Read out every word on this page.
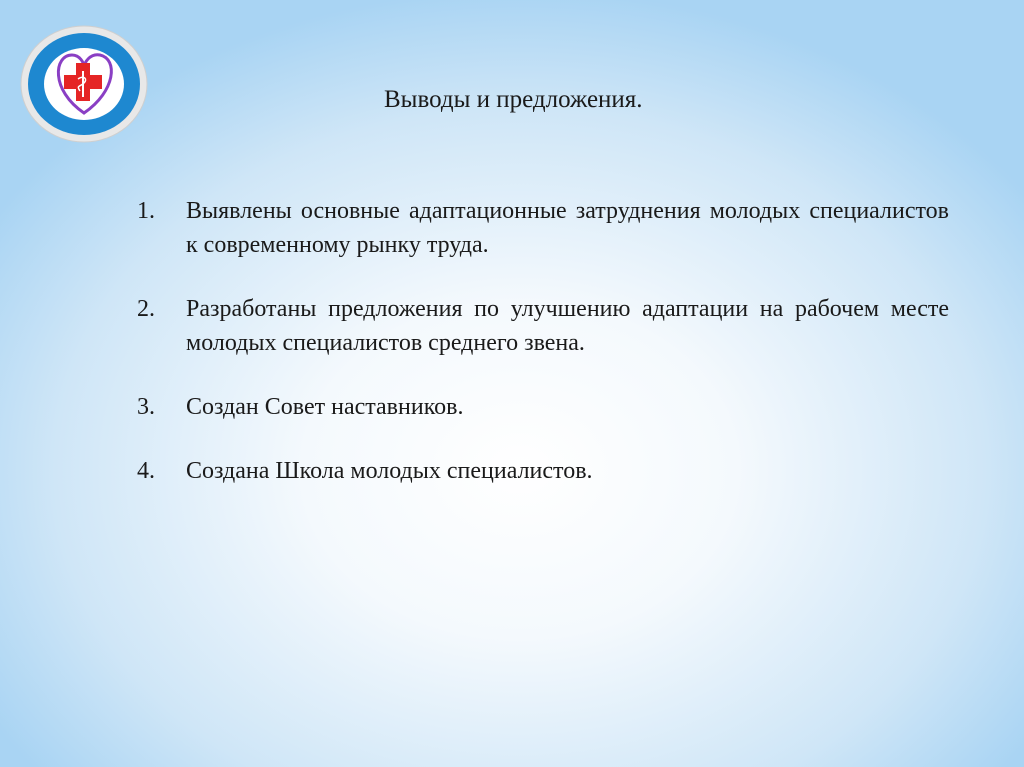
Выводы и предложения.
1.	Выявлены основные адаптационные затруднения молодых специалистов к современному рынку труда.
2.	Разработаны предложения по улучшению адаптации на рабочем месте молодых специалистов среднего звена.
3.	Создан Совет наставников.
4.	Создана Школа молодых специалистов.
